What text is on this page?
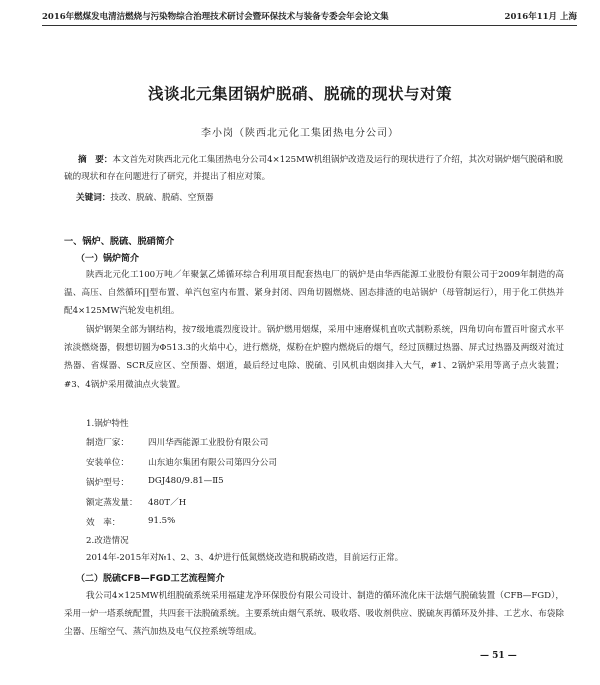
2016年燃煤发电清洁燃烧与污染物综合治理技术研讨会暨环保技术与装备专委会年会论文集	2016年11月 上海
浅谈北元集团锅炉脱硝、脱硫的现状与对策
李小岗（陕西北元化工集团热电分公司）
摘　要：本文首先对陕西北元化工集团热电分公司4×125MW机组锅炉改造及运行的现状进行了介绍，其次对锅炉烟气脱硝和脱硫的现状和存在问题进行了研究，并提出了相应对策。
关键词：技改、脱硫、脱硝、空预器
一、锅炉、脱硫、脱硝简介
（一）锅炉简介
陕西北元化工100万吨／年聚氯乙烯循环综合利用项目配套热电厂的锅炉是由华西能源工业股份有限公司于2009年制造的高温、高压、自然循环∏型布置、单汽包室内布置、紧身封闭、四角切圆燃烧、固态排渣的电站锅炉（母管制运行），用于化工供热并配4×125MW汽轮发电机组。
锅炉钢架全部为钢结构，按7级地震烈度设计。锅炉燃用烟煤，采用中速磨煤机直吹式制粉系统，四角切向布置百叶窗式水平浓淡燃烧器，假想切圆为Φ513.3的火焰中心，进行燃烧，煤粉在炉膛内燃烧后的烟气，经过顶棚过热器、屏式过热器及两级对流过热器、省煤器、SCR反应区、空预器、烟道，最后经过电除、脱硫、引风机由烟囱排入大气，#1、2锅炉采用等离子点火装置；#3、4锅炉采用微油点火装置。
1.锅炉特性
制造厂家：	四川华西能源工业股份有限公司
安装单位：	山东迪尔集团有限公司第四分公司
锅炉型号：	DGJ480/9.81—Ⅱ5
额定蒸发量：	480T／H
效　率：	91.5%
2.改造情况
2014年-2015年对№1、2、3、4炉进行低氮燃烧改造和脱硝改造，目前运行正常。
（二）脱硫CFB—FGD工艺流程简介
我公司4×125MW机组脱硫系统采用福建龙净环保股份有限公司设计、制造的循环流化床干法烟气脱硫装置（CFB—FGD），采用一炉一塔系统配置，共四套干法脱硫系统。主要系统由烟气系统、吸收塔、吸收剂供应、脱硫灰再循环及外排、工艺水、布袋除尘器、压缩空气、蒸汽加热及电气仪控系统等组成。
— 51 —
